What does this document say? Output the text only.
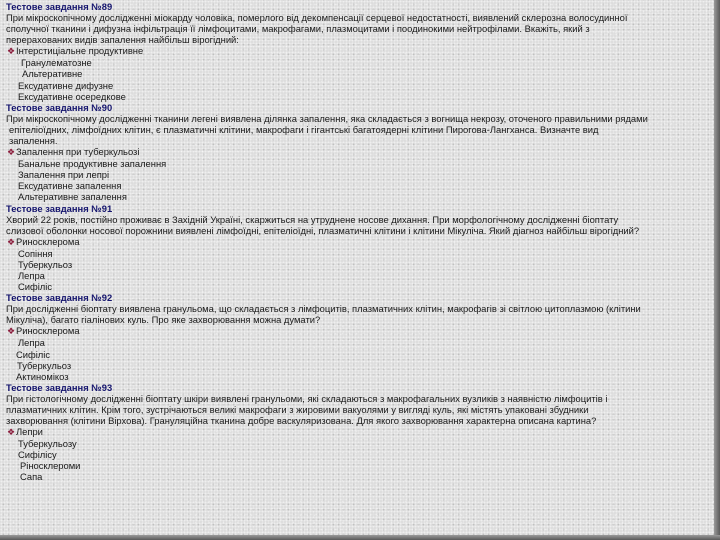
Тестове завдання №89
При мікроскопічному дослідженні міокарду чоловіка, померлого від декомпенсації серцевої недостатності, виявлений склерозна волосудинної
сполучної тканини і дифузна інфільтрація її лімфоцитами, макрофагами, плазмоцитами і поодинокими нейтрофілами. Вкажіть, який з
перерахованих видів запалення найбільш вірогідний:
❖Інтерстиціальне продуктивне
Гранулематозне
Альтеративне
Ексудативне дифузне
Ексудативне осередкове
Тестове завдання №90
При мікроскопічному дослідженні тканини легені виявлена ділянка запалення, яка складається з вогнища некрозу, оточеного правильними рядами
епітеліоїдних, лімфоїдних клітин, є плазматичні клітини, макрофаги і гігантські багатоядерні клітини Пирогова-Лангханса. Визначте вид
запалення.
❖Запалення при туберкульозі
Банальне продуктивне запалення
Запалення при лепрі
Ексудативне запалення
Альтеративне запалення
Тестове завдання №91
Хворий 22 років, постійно проживає в Західній Україні, скаржиться на утруднене носове дихання. При морфологічному дослідженні біоптату
слизової оболонки носової порожнини виявлені лімфоїдні, епітеліоїдні, плазматичні клітини і клітини Мікуліча. Який діагноз найбільш вірогідний?
❖Риносклерома
Сопіння
Туберкульоз
Лепра
Сифіліс
Тестове завдання №92
При дослідженні біоптату виявлена гранульома, що складається з лімфоцитів, плазматичних клітин, макрофагів зі світлою цитоплазмою (клітини
Мікуліча), багато гіалінових куль. Про яке захворювання можна думати?
❖Риносклерома
Лепра
Сифіліс
Туберкульоз
Актиномікоз
Тестове завдання №93
При гістологічному дослідженні біоптату шкіри виявлені гранульоми, які складаються з макрофагальних вузликів з наявністю лімфоцитів і
плазматичних клітин. Крім того, зустрічаються великі макрофаги з жировими вакуолями у вигляді куль, які містять упаковані збудники
захворювання (клітини Вірхова). Грануляційна тканина добре васкуляризована. Для якого захворювання характерна описана картина?
❖Лепри
Туберкульозу
Сифілісу
Ріносклероми
Сапа
